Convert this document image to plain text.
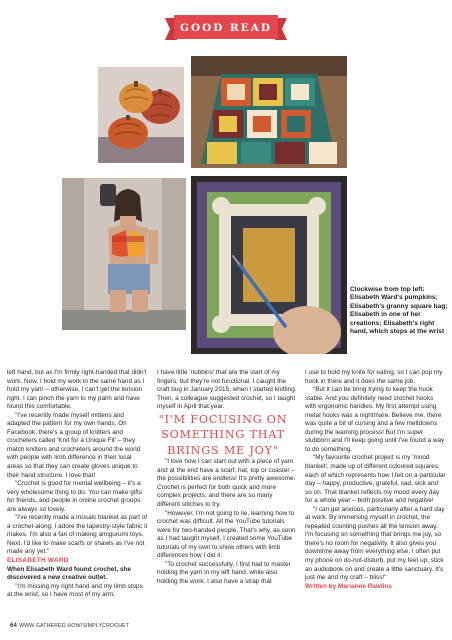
GOOD READ
Clockwise from top left: Elisabeth Ward's pumpkins; Elisabeth's granny square bag; Elisabeth in one of her creations; Elisabeth's right hand, which stops at the wrist

left hand, but as I'm firmly right-handed that didn't work. Now, I hold my work in the same hand as I hold my yarn – otherwise, I can't get the tension right. I can pinch the yarn to my palm and have found this comfortable.

"I've recently made myself mittens and adapted the pattern for my own hands. On Facebook, there's a group of knitters and crocheters called 'Knit for a Unique Fit' – they match knitters and crocheters around the world with people with limb difference in their local areas so that they can create gloves unique to their hand structure. I love that!

"Crochet is good for mental wellbeing – it's a very wholesome thing to do. You can make gifts for friends, and people in online crochet groups are always so lovely.

"I've recently made a mosaic blanket as part of a crochet-along. I adore the tapestry-style fabric it makes. I'm also a fan of making amigurumi toys. Next, I'd like to make scarfs or shawls as I've not made any yet."

ELISABETH WARD

When Elisabeth Ward found crochet, she discovered a new creative outlet.

"I'm missing my right hand and my limb stops at the wrist, so I have most of my arm.

I have little 'nubbins' that are the start of my fingers, but they're not functional. I caught the craft bug in January 2015, when I started knitting. Then, a colleague suggested crochet, so I taught myself in April that year.

"I'M FOCUSING ON SOMETHING THAT BRINGS ME JOY"

"I love how I can start out with a piece of yarn and at the end have a scarf, hat, top or coaster – the possibilities are endless! It's pretty awesome. Crochet is perfect for both quick and more complex projects, and there are so many different stitches to try.

"However, I'm not going to lie, learning how to crochet was difficult. All the YouTube tutorials were for two-handed people. That's why, as soon as I had taught myself, I created some YouTube tutorials of my own to show others with limb differences how I did it.

"To crochet successfully, I first had to master holding the yarn in my left hand, while also holding the work. I also have a strap that

I use to hold my knife for eating, so I can pop my hook in there and it does the same job.

"But it can be tiring trying to keep the hook stable. And you definitely need crochet hooks with ergonomic handles. My first attempt using metal hooks was a nightmare. Believe me, there was quite a bit of cursing and a few meltdowns during the learning process! But I'm super stubborn and I'll keep going until I've found a way to do something.

"My favourite crochet project is my 'mood blanket', made up of different coloured squares, each of which represents how I felt on a particular day – happy, productive, grateful, sad, sick and so on. That blanket reflects my mood every day for a whole year – both positive and negative!

"I can get anxious, particularly after a hard day at work. By immersing myself in crochet, the repeated counting pushes all the tension away. I'm focusing on something that brings me joy, so there's no room for negativity. It also gives you downtime away from everything else. I often put my phone on do-not-disturb, put my feet up, stick an audiobook on and create a little sanctuary. It's just me and my craft – bliss!"

Written by Marianne Rawlins

64 WWW.GATHERED.HOW/SIMPLYCROCHET
